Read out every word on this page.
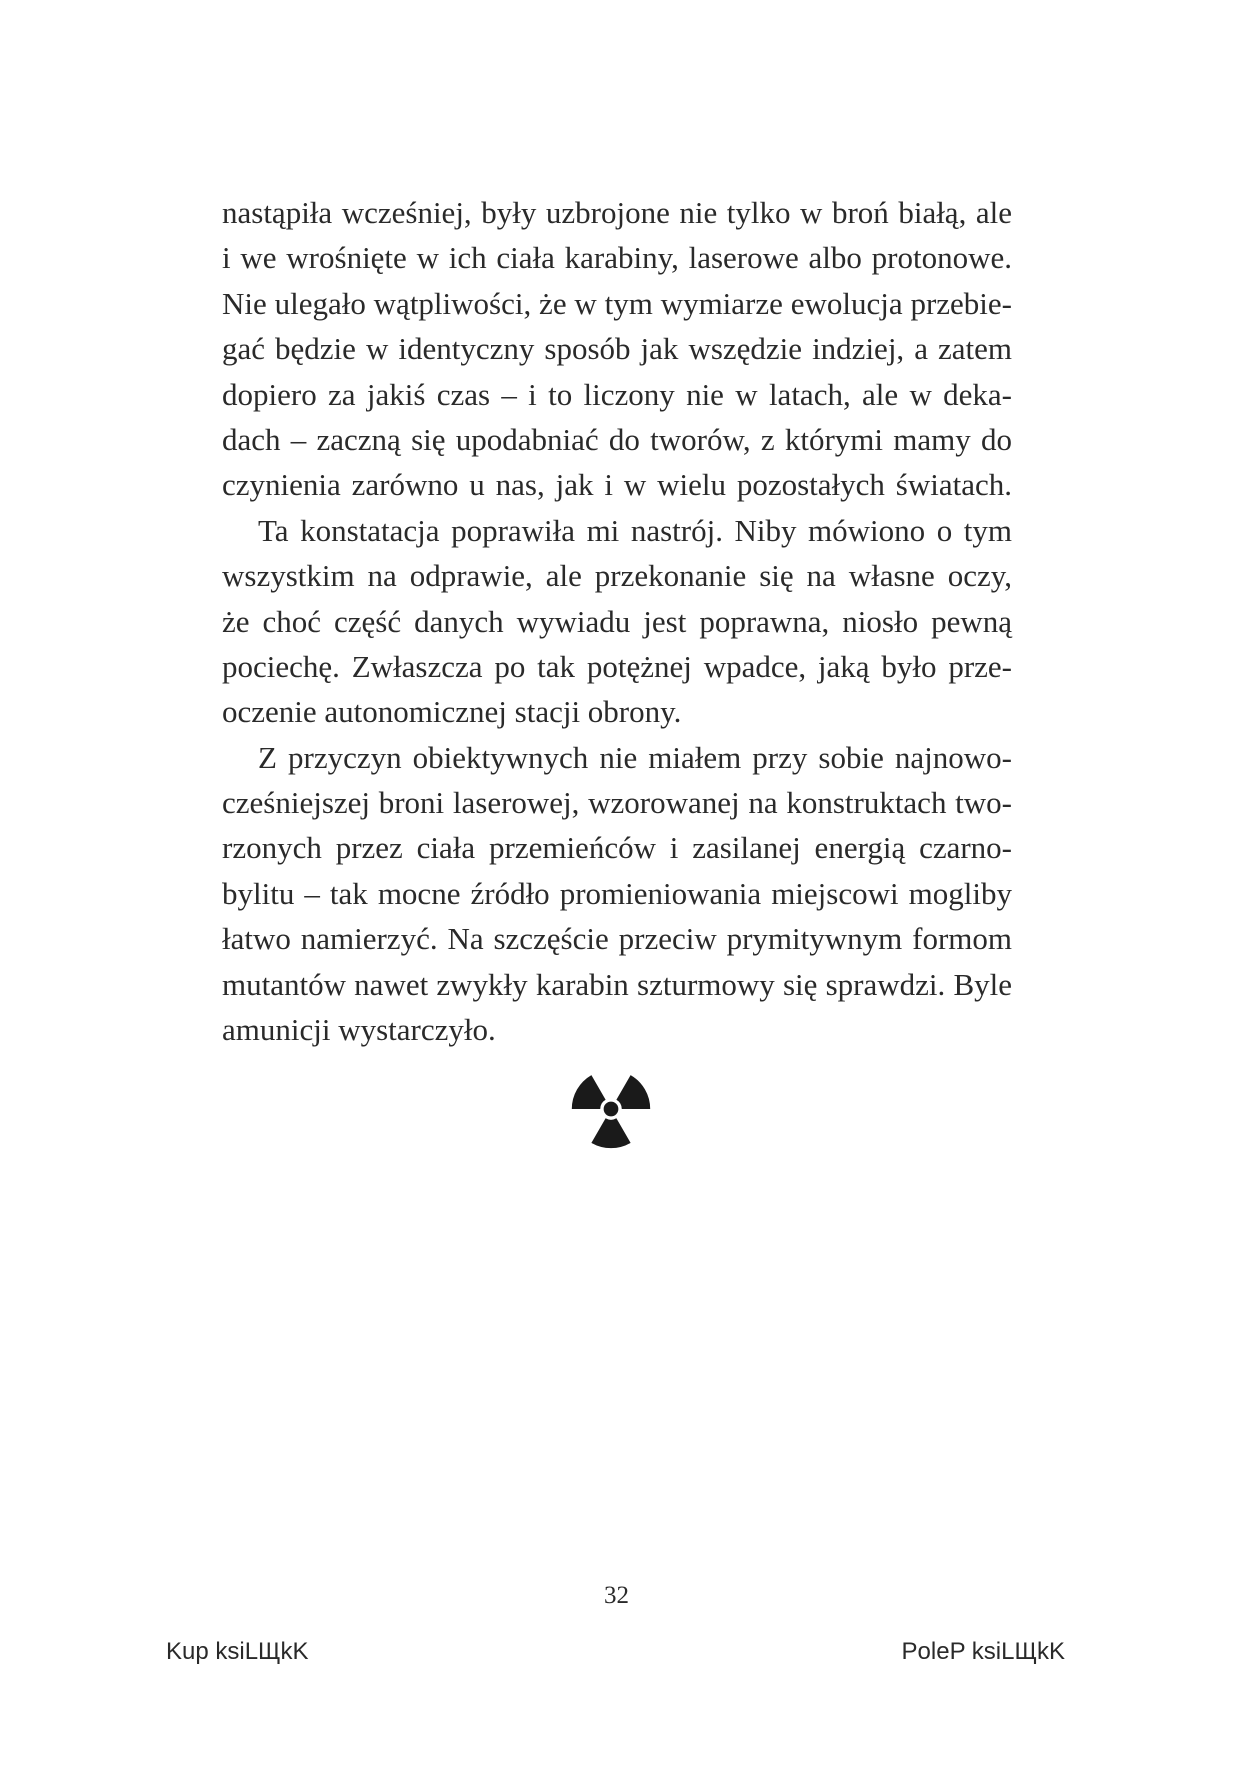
nastąpiła wcześniej, były uzbrojone nie tylko w broń białą, ale
i we wrośnięte w ich ciała karabiny, laserowe albo protonowe.
Nie ulegało wątpliwości, że w tym wymiarze ewolucja przebie-
gać będzie w identyczny sposób jak wszędzie indziej, a zatem
dopiero za jakiś czas – i to liczony nie w latach, ale w deka-
dach – zaczną się upodabniać do tworów, z którymi mamy do
czynienia zarówno u nas, jak i w wielu pozostałych światach.
Ta konstatacja poprawiła mi nastrój. Niby mówiono o tym
wszystkim na odprawie, ale przekonanie się na własne oczy,
że choć część danych wywiadu jest poprawna, niosło pewną
pociechę. Zwłaszcza po tak potężnej wpadce, jaką było prze-
oczenie autonomicznej stacji obrony.
Z przyczyn obiektywnych nie miałem przy sobie najnowo-
cześniejszej broni laserowej, wzorowanej na konstruktach two-
rzonych przez ciała przemieńców i zasilanej energią czarno-
bylitu – tak mocne źródło promieniowania miejscowi mogliby
łatwo namierzyć. Na szczęście przeciw prymitywnym formom
mutantów nawet zwykły karabin szturmowy się sprawdzi. Byle
amunicji wystarczyło.
32
Kup ksiLЩkK	PoleP ksiLЩkK
